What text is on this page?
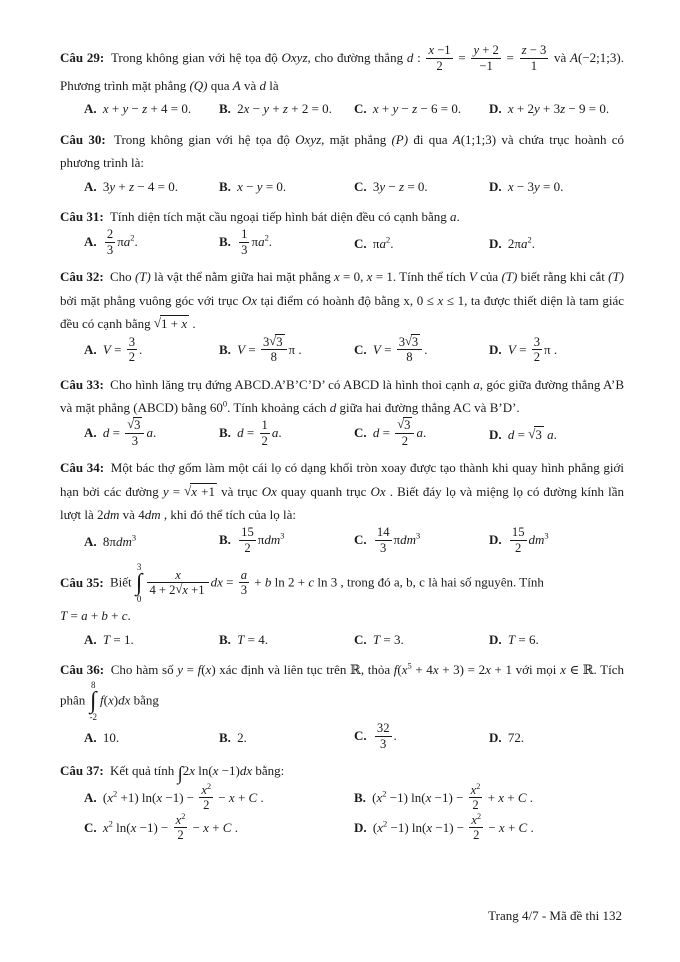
Câu 29: Trong không gian với hệ tọa độ Oxyz, cho đường thẳng d : $\frac{x -1}{2} = \frac{y + 2}{-1} = \frac{z - 3}{1}$ và A(−2;1;3). Phương trình mặt phẳng (Q) qua A và d là
A. x + y − z + 4 = 0.	B. 2x − y + z + 2 = 0.	C. x + y − z − 6 = 0.	D. x + 2y + 3z − 9 = 0.
Câu 30: Trong không gian với hệ tọa độ Oxyz, mặt phẳng (P) đi qua A(1;1;3) và chứa trục hoành có phương trình là:
A. 3y + z − 4 = 0.	B. x − y = 0.	C. 3y − z = 0.	D. x − 3y = 0.
Câu 31: Tính diện tích mặt cầu ngoại tiếp hình bát diện đều có cạnh bằng a.
A. $\frac{2}{3} \pi a^2$.	B. $\frac{1}{3} \pi a^2$.	C. $\pi a^2$.	D. $2\pi a^2$.
Câu 32: Cho (T) là vật thể nằm giữa hai mặt phẳng x = 0, x = 1. Tính thể tích V của (T) biết rằng khi cắt (T) bởi mặt phẳng vuông góc với trục Ox tại điểm có hoành độ bằng x, 0 ≤ x ≤ 1, ta được thiết diện là tam giác đều có cạnh bằng √1 + x .
A. $V = \frac{3}{2}$ .	B. $V = \frac{3√3}{8}$ π .	C. $V = \frac{3√3}{8}$ .	D. $V = \frac{3}{2}$ π .
Câu 33: Cho hình lăng trụ đứng ABCD.A’B’C’D’ có ABCD là hình thoi cạnh a, góc giữa đường thẳng A’B và mặt phẳng (ABCD) bằng $60^0$. Tính khoảng cách d giữa hai đường thẳng AC và B’D’.
A. $d = \frac{√3}{3} a$.	B. $d = \frac{1}{2} a$.	C. $d = \frac{√3}{2} a$.	D. d = √3 a.
Câu 34: Một bác thợ gốm làm một cái lọ có dạng khối tròn xoay được tạo thành khi quay hình phẳng giới hạn bởi các đường y = √x +1 và trục Ox quay quanh trục Ox . Biết đáy lọ và miệng lọ có đường kính lần lượt là 2dm và 4dm , khi đó thể tích của lọ là:
A. 8πdm$^3$	B. $\frac{15}{2} \pi dm^3$	C. $\frac{14}{3} \pi dm^3$	D. $\frac{15}{2} dm^3$
Câu 35: Biết
3
∫
0
$\frac{x}{4 + 2√x +1}$ dx = $\frac{a}{3} + b$ ln 2 + c ln 3 , trong đó a, b, c là hai số nguyên. Tính
T = a + b + c.
A. T = 1.	B. T = 4.	C. T = 3.	D. T = 6.
Câu 36: Cho hàm số y = f(x) xác định và liên tục trên ℝ, thỏa $f(x^5 + 4x + 3) = 2x + 1$ với mọi x ∈ ℝ. Tích phân
8
∫
-2
f(x)dx bằng
A. 10.	B. 2.	C. $\frac{32}{3}$ .	D. 72.
Câu 37: Kết quả tính ∫2x ln(x −1)dx bằng:
A. $(x^2 +1)$ $\ln(x -1) - \frac{x^2}{2} - x + C$ .	B. $(x^2 -1)$ $\ln(x -1) - \frac{x^2}{2} + x + C$ .
C. $x^2$ $\ln(x -1) - \frac{x^2}{2} - x + C$ .	D. $(x^2 -1)$ $\ln(x -1) - \frac{x^2}{2} - x + C$ .
Trang 4/7 - Mã đề thi 132
